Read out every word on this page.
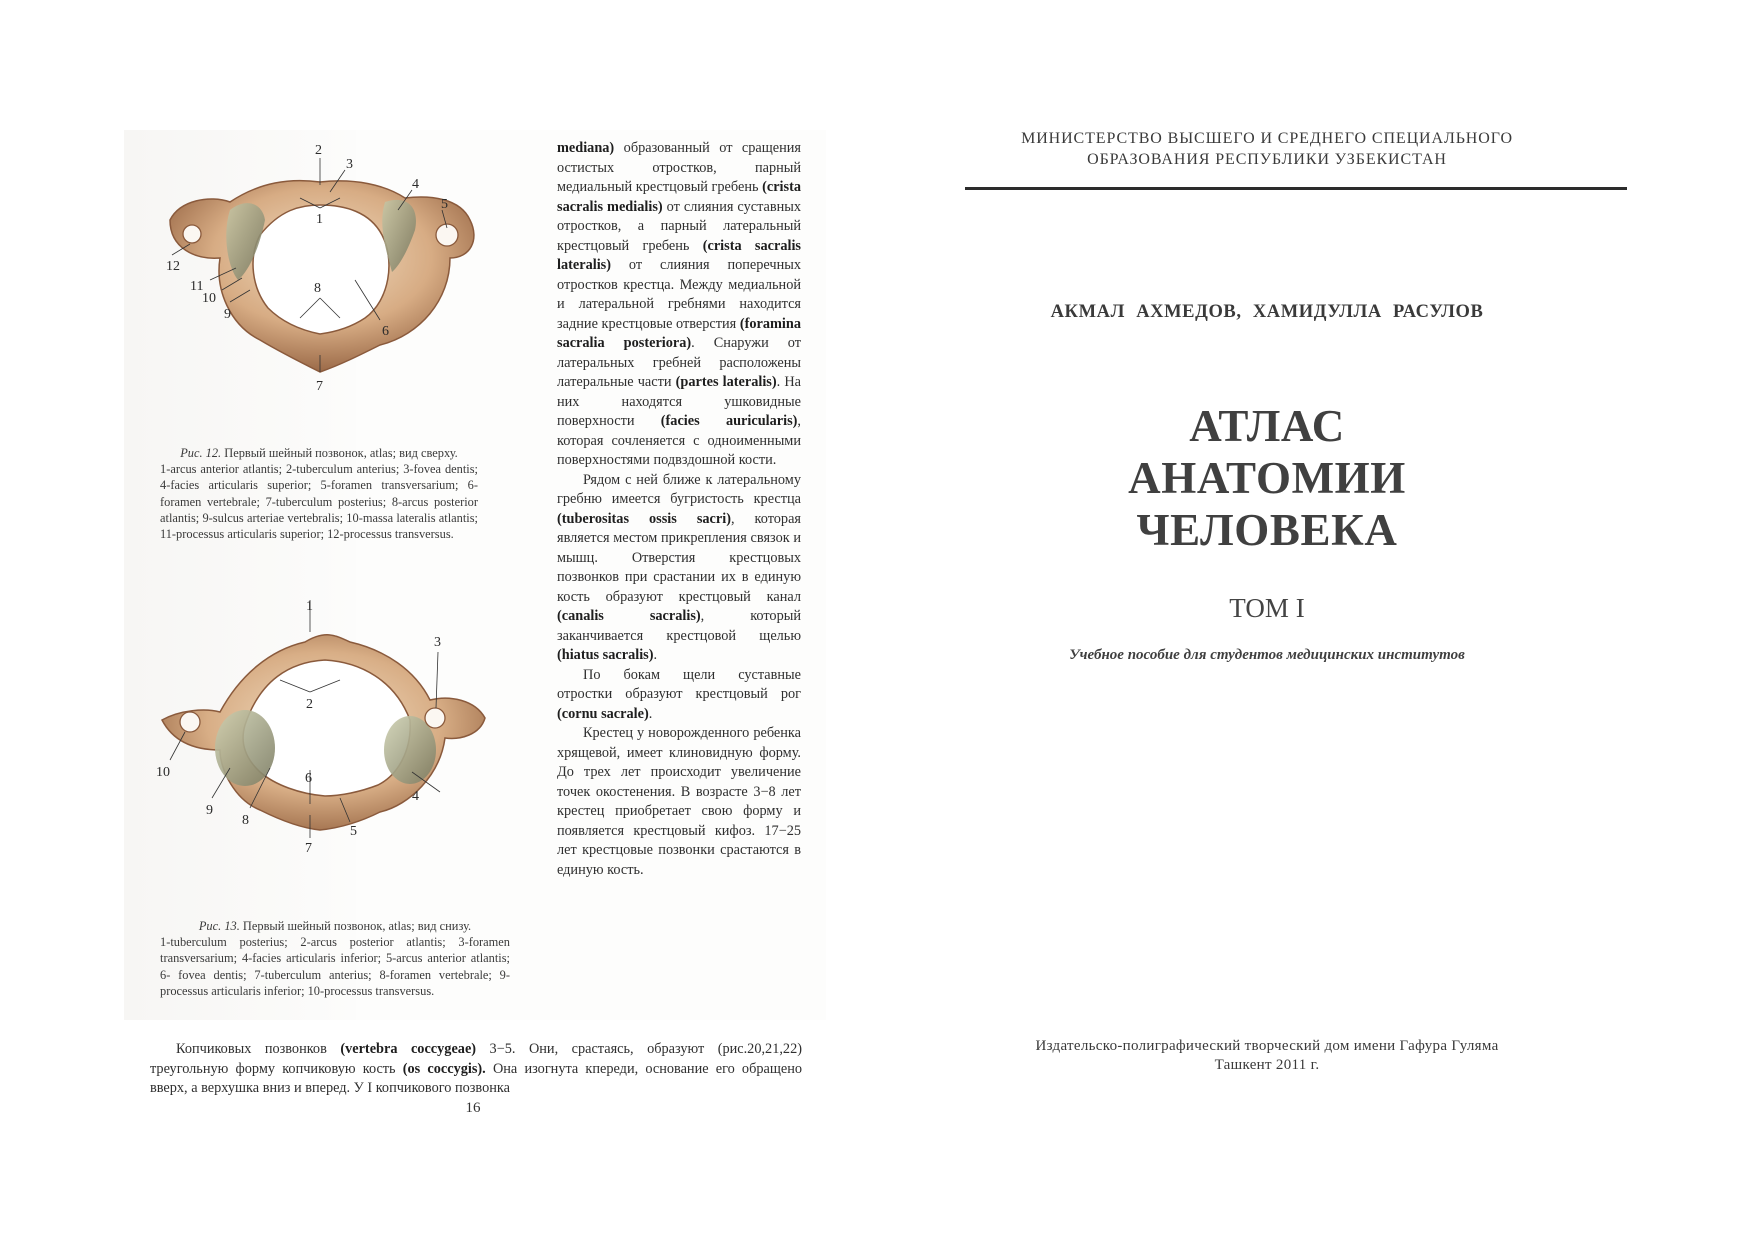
2
3
1
4
5
12
11
10
9
8
6
7
Рис. 12. Первый шейный позвонок, atlas; вид сверху.
1-arcus anterior atlantis; 2-tuberculum anterius; 3-fovea dentis; 4-facies articularis superior; 5-foramen transversarium; 6-foramen vertebrale; 7-tuberculum posterius; 8-arcus posterior atlantis; 9-sulcus arteriae vertebralis; 10-massa lateralis atlantis; 11-processus articularis superior; 12-processus transversus.
1
2
3
4
5
6
7
8
9
10
Рис. 13. Первый шейный позвонок, atlas; вид снизу.
1-tuberculum posterius; 2-arcus posterior atlantis; 3-foramen transversarium; 4-facies articularis inferior; 5-arcus anterior atlantis; 6- fovea dentis; 7-tuberculum anterius; 8-foramen vertebrale; 9-processus articularis inferior; 10-processus transversus.

mediana) образованный от сращения остистых отростков, парный медиальный крестцовый гребень (crista sacralis medialis) от слияния суставных отростков, а парный латеральный крестцовый гребень (crista sacralis lateralis) от слияния поперечных отростков крестца. Между медиальной и латеральной гребнями находится задние крестцовые отверстия (foramina sacralia posteriora). Снаружи от латеральных гребней расположены латеральные части (partes lateralis). На них находятся ушковидные поверхности (facies auricularis), которая сочленяется с одноименными поверхностями подвздошной кости.

Рядом с ней ближе к латеральному гребню имеется бугристость крестца (tuberositas ossis sacri), которая является местом прикрепления связок и мышц. Отверстия крестцовых позвонков при срастании их в единую кость образуют крестцовый канал (canalis sacralis), который заканчивается крестцовой щелью (hiatus sacralis).

По бокам щели суставные отростки образуют крестцовый рог (cornu sacrale).

Крестец у новорожденного ребенка хрящевой, имеет клиновидную форму. До трех лет происходит увеличение точек окостенения. В возрасте 3−8 лет крестец приобретает свою форму и появляется крестцовый кифоз. 17−25 лет крестцовые позвонки срастаются в единую кость.

Копчиковых позвонков (vertebra coccygeae) 3−5. Они, срастаясь, образуют (рис.20,21,22) треугольную форму копчиковую кость (os coccygis). Она изогнута кпереди, основание его обращено вверх, а верхушка вниз и вперед. У I копчикового позвонка

16
МИНИСТЕРСТВО ВЫСШЕГО И СРЕДНЕГО СПЕЦИАЛЬНОГО
ОБРАЗОВАНИЯ РЕСПУБЛИКИ УЗБЕКИСТАН
АКМАЛ АХМЕДОВ, ХАМИДУЛЛА РАСУЛОВ
АТЛАС
АНАТОМИИ
ЧЕЛОВЕКА
ТОМ I
Учебное пособие для студентов медицинских институтов
Издательско-полиграфический творческий дом имени Гафура Гуляма
Ташкент 2011 г.
